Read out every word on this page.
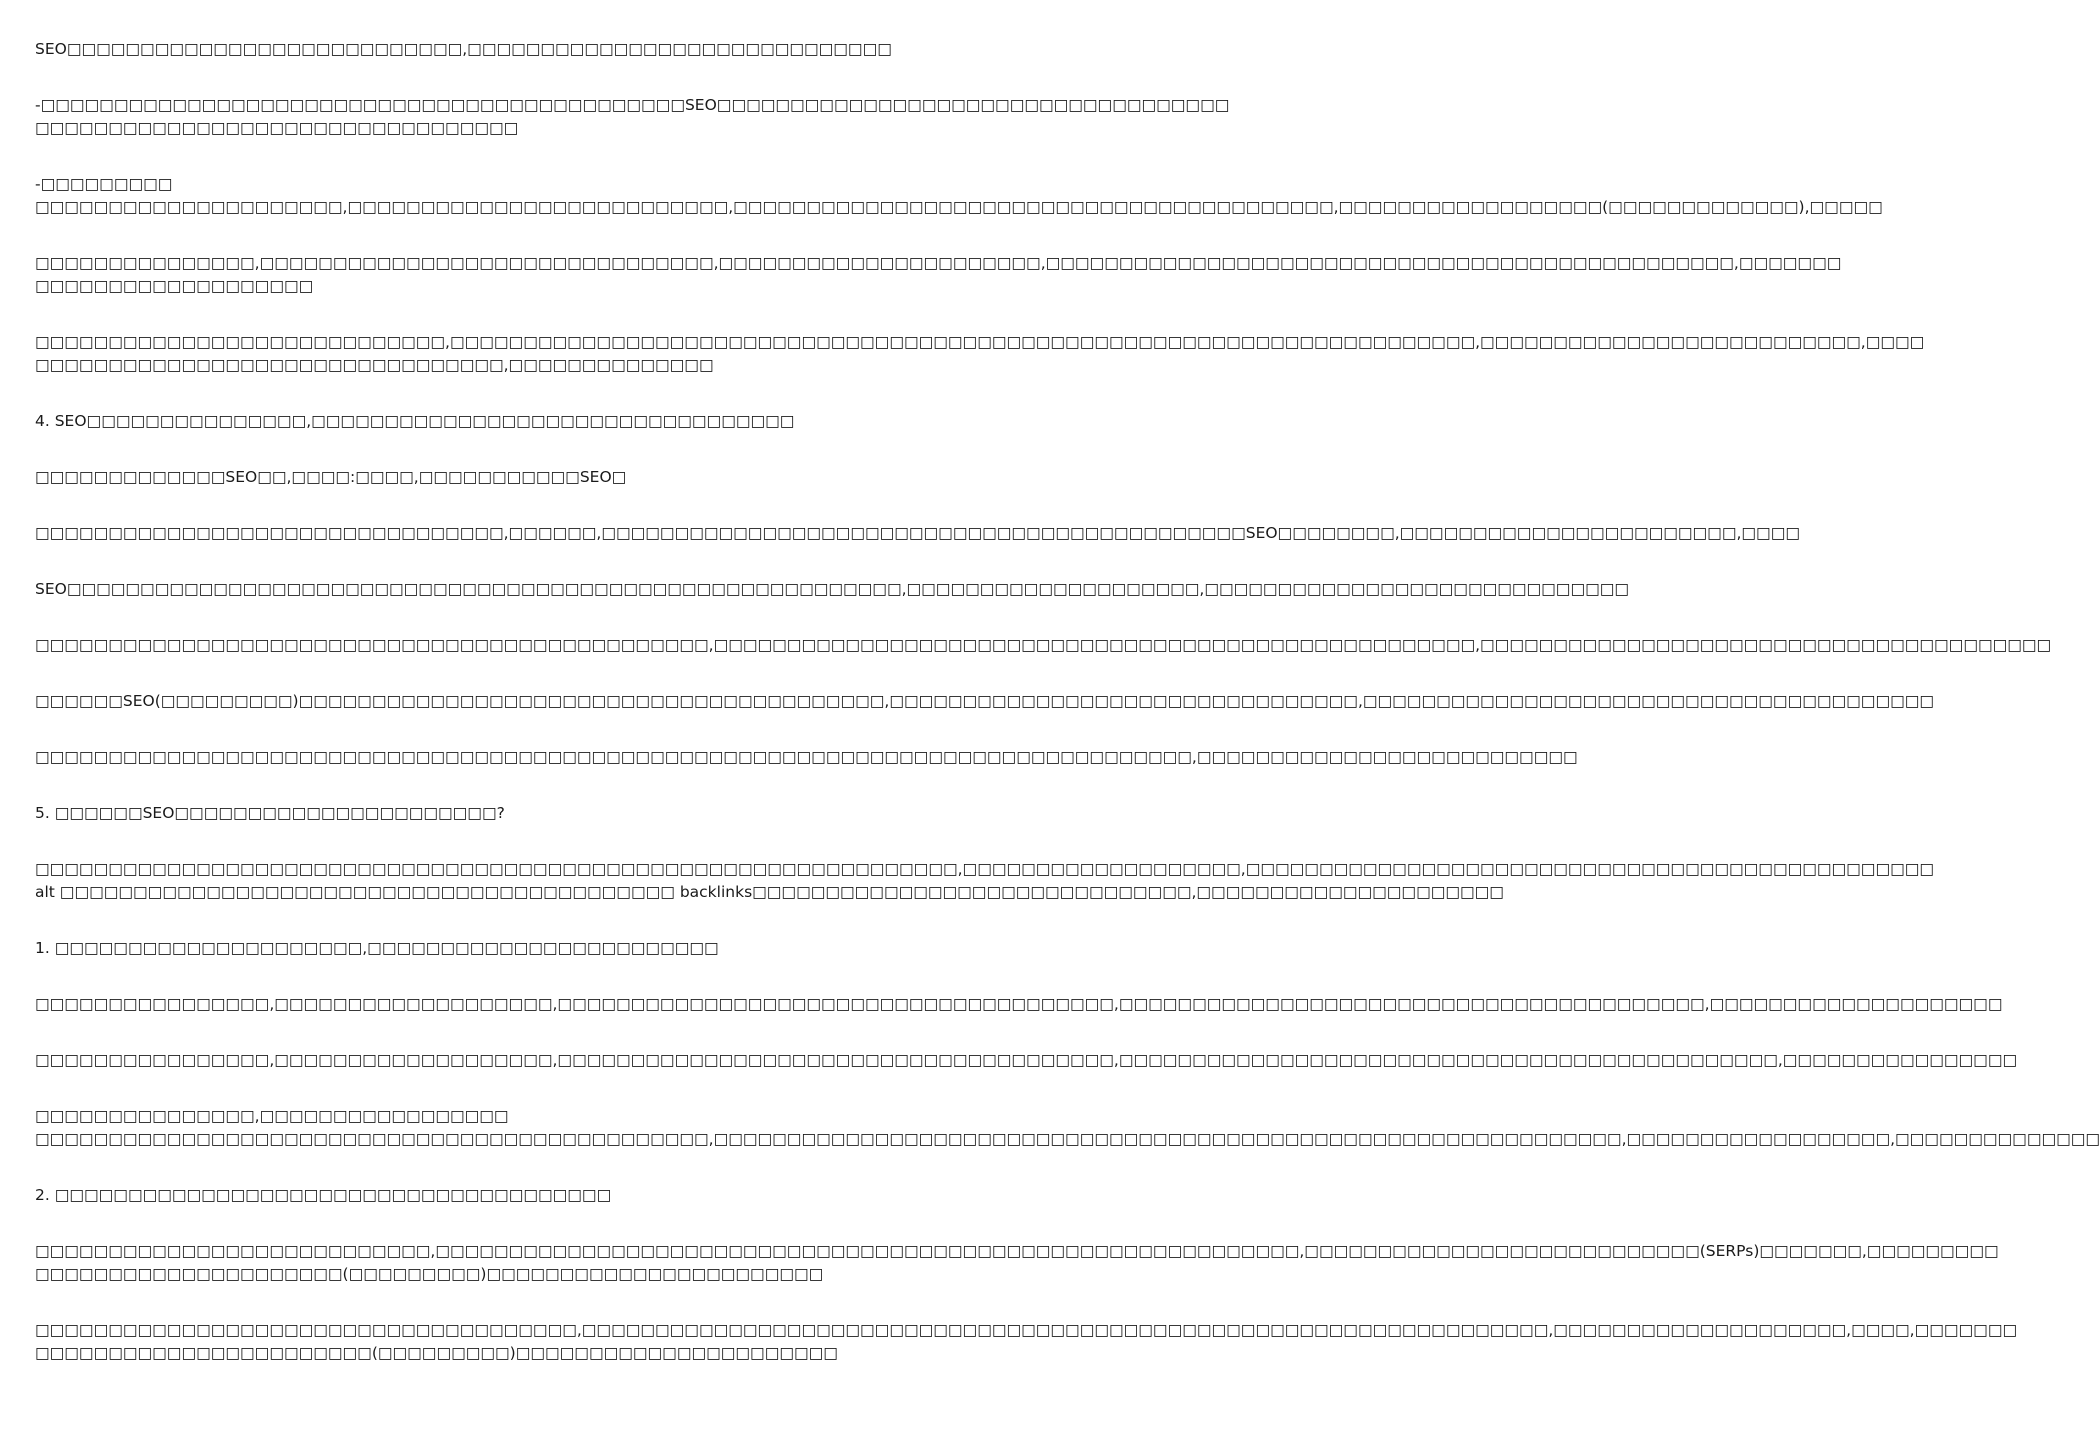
SEO□□□□□□□□□□□□□□□□□□□□□□□□□□□,□□□□□□□□□□□□□□□□□□□□□□□□□□□□□
-□□□□□□□□□□□□□□□□□□□□□□□□□□□□□□□□□□□□□□□□□□□□SEO□□□□□□□□□□□□□□□□□□□□□□□□□□□□□□□□□□□
□□□□□□□□□□□□□□□□□□□□□□□□□□□□□□□□□
-□□□□□□□□□
□□□□□□□□□□□□□□□□□□□□□,□□□□□□□□□□□□□□□□□□□□□□□□□□,□□□□□□□□□□□□□□□□□□□□□□□□□□□□□□□□□□□□□□□□□,□□□□□□□□□□□□□□□□□□(□□□□□□□□□□□□□),□□□□□
□□□□□□□□□□□□□□□,□□□□□□□□□□□□□□□□□□□□□□□□□□□□□□□,□□□□□□□□□□□□□□□□□□□□□□,□□□□□□□□□□□□□□□□□□□□□□□□□□□□□□□□□□□□□□□□□□□□□□□,□□□□□□□
□□□□□□□□□□□□□□□□□□□
□□□□□□□□□□□□□□□□□□□□□□□□□□□□,□□□□□□□□□□□□□□□□□□□□□□□□□□□□□□□□□□□□□□□□□□□□□□□□□□□□□□□□□□□□□□□□□□□□□□,□□□□□□□□□□□□□□□□□□□□□□□□□□,□□□□
□□□□□□□□□□□□□□□□□□□□□□□□□□□□□□□□,□□□□□□□□□□□□□□
4. SEO□□□□□□□□□□□□□□□,□□□□□□□□□□□□□□□□□□□□□□□□□□□□□□□□□
□□□□□□□□□□□□□SEO□□,□□□□:□□□□,□□□□□□□□□□□SEO□
□□□□□□□□□□□□□□□□□□□□□□□□□□□□□□□□,□□□□□□,□□□□□□□□□□□□□□□□□□□□□□□□□□□□□□□□□□□□□□□□□□□□SEO□□□□□□□□,□□□□□□□□□□□□□□□□□□□□□□□,□□□□
SEO□□□□□□□□□□□□□□□□□□□□□□□□□□□□□□□□□□□□□□□□□□□□□□□□□□□□□□□□□,□□□□□□□□□□□□□□□□□□□□,□□□□□□□□□□□□□□□□□□□□□□□□□□□□□
□□□□□□□□□□□□□□□□□□□□□□□□□□□□□□□□□□□□□□□□□□□□□□,□□□□□□□□□□□□□□□□□□□□□□□□□□□□□□□□□□□□□□□□□□□□□□□□□□□□,□□□□□□□□□□□□□□□□□□□□□□□□□□□□□□□□□□□□□□□
□□□□□□SEO(□□□□□□□□□)□□□□□□□□□□□□□□□□□□□□□□□□□□□□□□□□□□□□□□□□,□□□□□□□□□□□□□□□□□□□□□□□□□□□□□□□□,□□□□□□□□□□□□□□□□□□□□□□□□□□□□□□□□□□□□□□□
□□□□□□□□□□□□□□□□□□□□□□□□□□□□□□□□□□□□□□□□□□□□□□□□□□□□□□□□□□□□□□□□□□□□□□□□□□□□□□□,□□□□□□□□□□□□□□□□□□□□□□□□□□
5. □□□□□□SEO□□□□□□□□□□□□□□□□□□□□□□?
□□□□□□□□□□□□□□□□□□□□□□□□□□□□□□□□□□□□□□□□□□□□□□□□□□□□□□□□□□□□□□□,□□□□□□□□□□□□□□□□□□□,□□□□□□□□□□□□□□□□□□□□□□□□□□□□□□□□□□□□□□□□□□□□□□□
alt □□□□□□□□□□□□□□□□□□□□□□□□□□□□□□□□□□□□□□□□□□ backlinks□□□□□□□□□□□□□□□□□□□□□□□□□□□□□□,□□□□□□□□□□□□□□□□□□□□□
1. □□□□□□□□□□□□□□□□□□□□□,□□□□□□□□□□□□□□□□□□□□□□□□
□□□□□□□□□□□□□□□□,□□□□□□□□□□□□□□□□□□□,□□□□□□□□□□□□□□□□□□□□□□□□□□□□□□□□□□□□□□,□□□□□□□□□□□□□□□□□□□□□□□□□□□□□□□□□□□□□□□□,□□□□□□□□□□□□□□□□□□□□
□□□□□□□□□□□□□□□□,□□□□□□□□□□□□□□□□□□□,□□□□□□□□□□□□□□□□□□□□□□□□□□□□□□□□□□□□□□,□□□□□□□□□□□□□□□□□□□□□□□□□□□□□□□□□□□□□□□□□□□□□,□□□□□□□□□□□□□□□□
□□□□□□□□□□□□□□□,□□□□□□□□□□□□□□□□□
□□□□□□□□□□□□□□□□□□□□□□□□□□□□□□□□□□□□□□□□□□□□□□,□□□□□□□□□□□□□□□□□□□□□□□□□□□□□□□□□□□□□□□□□□□□□□□□□□□□□□□□□□□□□□,□□□□□□□□□□□□□□□□□□,□□□□□□□□□□□□□□
2. □□□□□□□□□□□□□□□□□□□□□□□□□□□□□□□□□□□□□□
□□□□□□□□□□□□□□□□□□□□□□□□□□□,□□□□□□□□□□□□□□□□□□□□□□□□□□□□□□□□□□□□□□□□□□□□□□□□□□□□□□□□□□□,□□□□□□□□□□□□□□□□□□□□□□□□□□□(SERPs)□□□□□□□,□□□□□□□□□
□□□□□□□□□□□□□□□□□□□□□(□□□□□□□□□)□□□□□□□□□□□□□□□□□□□□□□□
□□□□□□□□□□□□□□□□□□□□□□□□□□□□□□□□□□□□□,□□□□□□□□□□□□□□□□□□□□□□□□□□□□□□□□□□□□□□□□□□□□□□□□□□□□□□□□□□□□□□□□□□,□□□□□□□□□□□□□□□□□□□□,□□□□,□□□□□□□
□□□□□□□□□□□□□□□□□□□□□□□(□□□□□□□□□)□□□□□□□□□□□□□□□□□□□□□□
